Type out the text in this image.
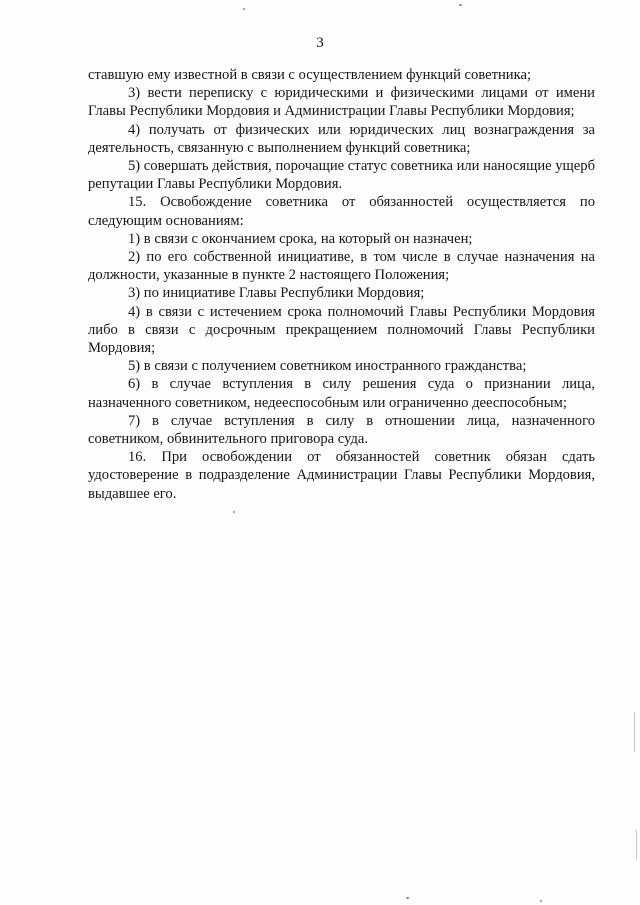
3

ставшую ему известной в связи с осуществлением функций советника;

3) вести переписку с юридическими и физическими лицами от имени Главы Республики Мордовия и Администрации Главы Республики Мордовия;

4) получать от физических или юридических лиц вознаграждения за деятельность, связанную с выполнением функций советника;

5) совершать действия, порочащие статус советника или наносящие ущерб репутации Главы Республики Мордовия.

15. Освобождение советника от обязанностей осуществляется по следующим основаниям:

1) в связи с окончанием срока, на который он назначен;

2) по его собственной инициативе, в том числе в случае назначения на должности, указанные в пункте 2 настоящего Положения;

3) по инициативе Главы Республики Мордовия;

4) в связи с истечением срока полномочий Главы Республики Мордовия либо в связи с досрочным прекращением полномочий Главы Республики Мордовия;

5) в связи с получением советником иностранного гражданства;

6) в случае вступления в силу решения суда о признании лица, назначенного советником, недееспособным или ограниченно дееспособным;

7) в случае вступления в силу в отношении лица, назначенного советником, обвинительного приговора суда.

16. При освобождении от обязанностей советник обязан сдать удостоверение в подразделение Администрации Главы Республики Мордовия, выдавшее его.
